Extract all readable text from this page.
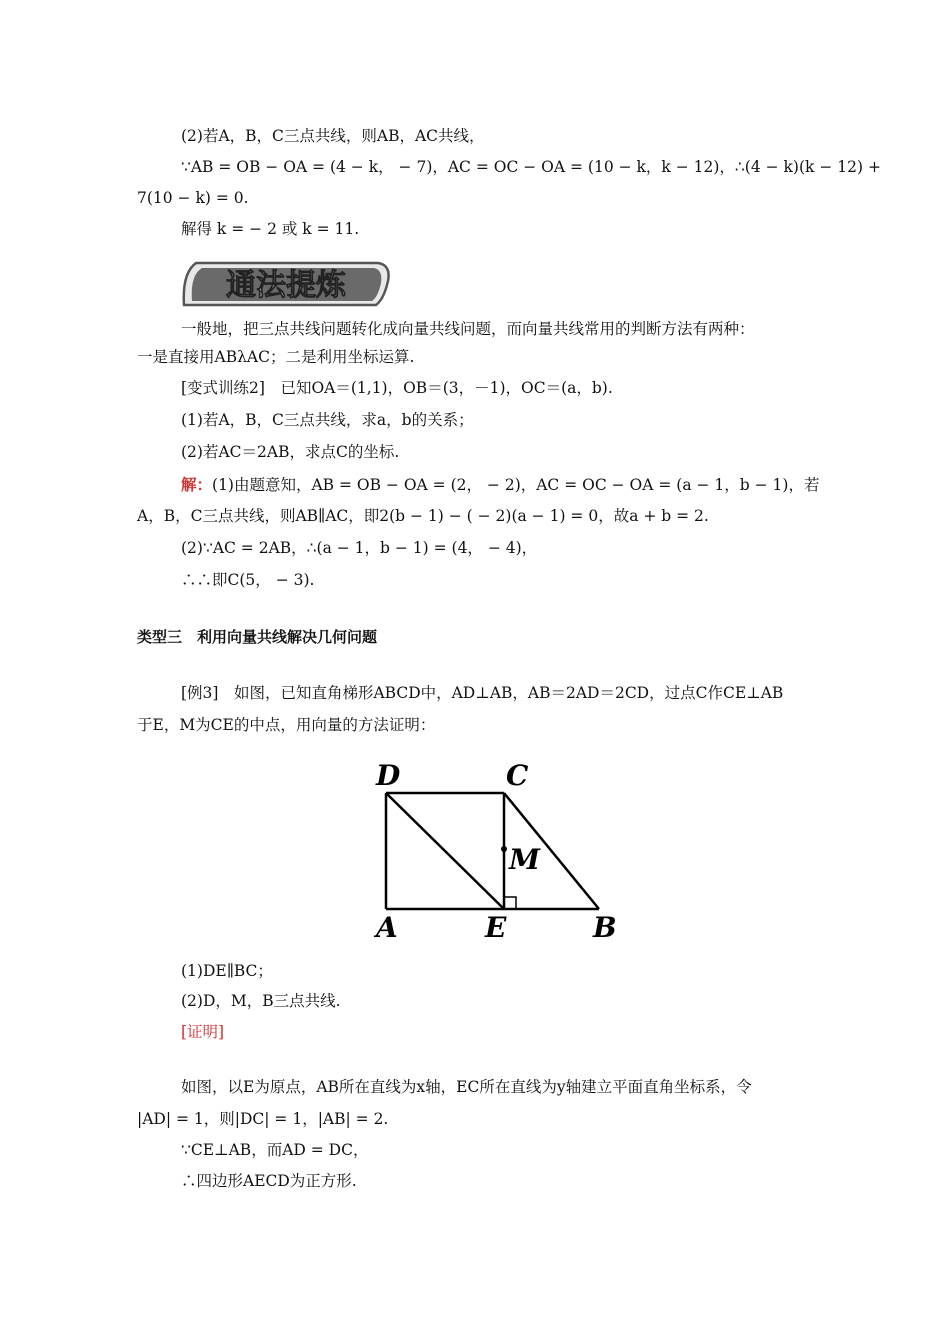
(2)若A，B，C三点共线，则AB，AC共线，
∵AB = OB − OA = (4 − k， − 7)，AC = OC − OA = (10 − k，k − 12)，∴(4 − k)(k − 12) +
7(10 − k) = 0.
解得 k = − 2 或 k = 11.
通法提炼
一般地，把三点共线问题转化成向量共线问题，而向量共线常用的判断方法有两种：
一是直接用ABλAC；二是利用坐标运算.
[变式训练2]　已知OA＝(1,1)，OB＝(3，－1)，OC＝(a，b).
(1)若A，B，C三点共线，求a，b的关系；
(2)若AC＝2AB，求点C的坐标.
解：(1)由题意知，AB = OB − OA = (2， − 2)，AC = OC − OA = (a − 1，b − 1)，若
A，B，C三点共线，则AB∥AC，即2(b − 1) − ( − 2)(a − 1) = 0，故a + b = 2.
(2)∵AC = 2AB，∴(a − 1，b − 1) = (4， − 4)，
∴∴即C(5， − 3).
类型三　利用向量共线解决几何问题
[例3]　如图，已知直角梯形ABCD中，AD⊥AB，AB＝2AD＝2CD，过点C作CE⊥AB
于E，M为CE的中点，用向量的方法证明：
D	C
M
A	E	B
(1)DE∥BC；
(2)D，M，B三点共线.
[证明]
如图，以E为原点，AB所在直线为x轴，EC所在直线为y轴建立平面直角坐标系，令
|AD| = 1，则|DC| = 1，|AB| = 2.
∵CE⊥AB，而AD = DC，
∴四边形AECD为正方形.
